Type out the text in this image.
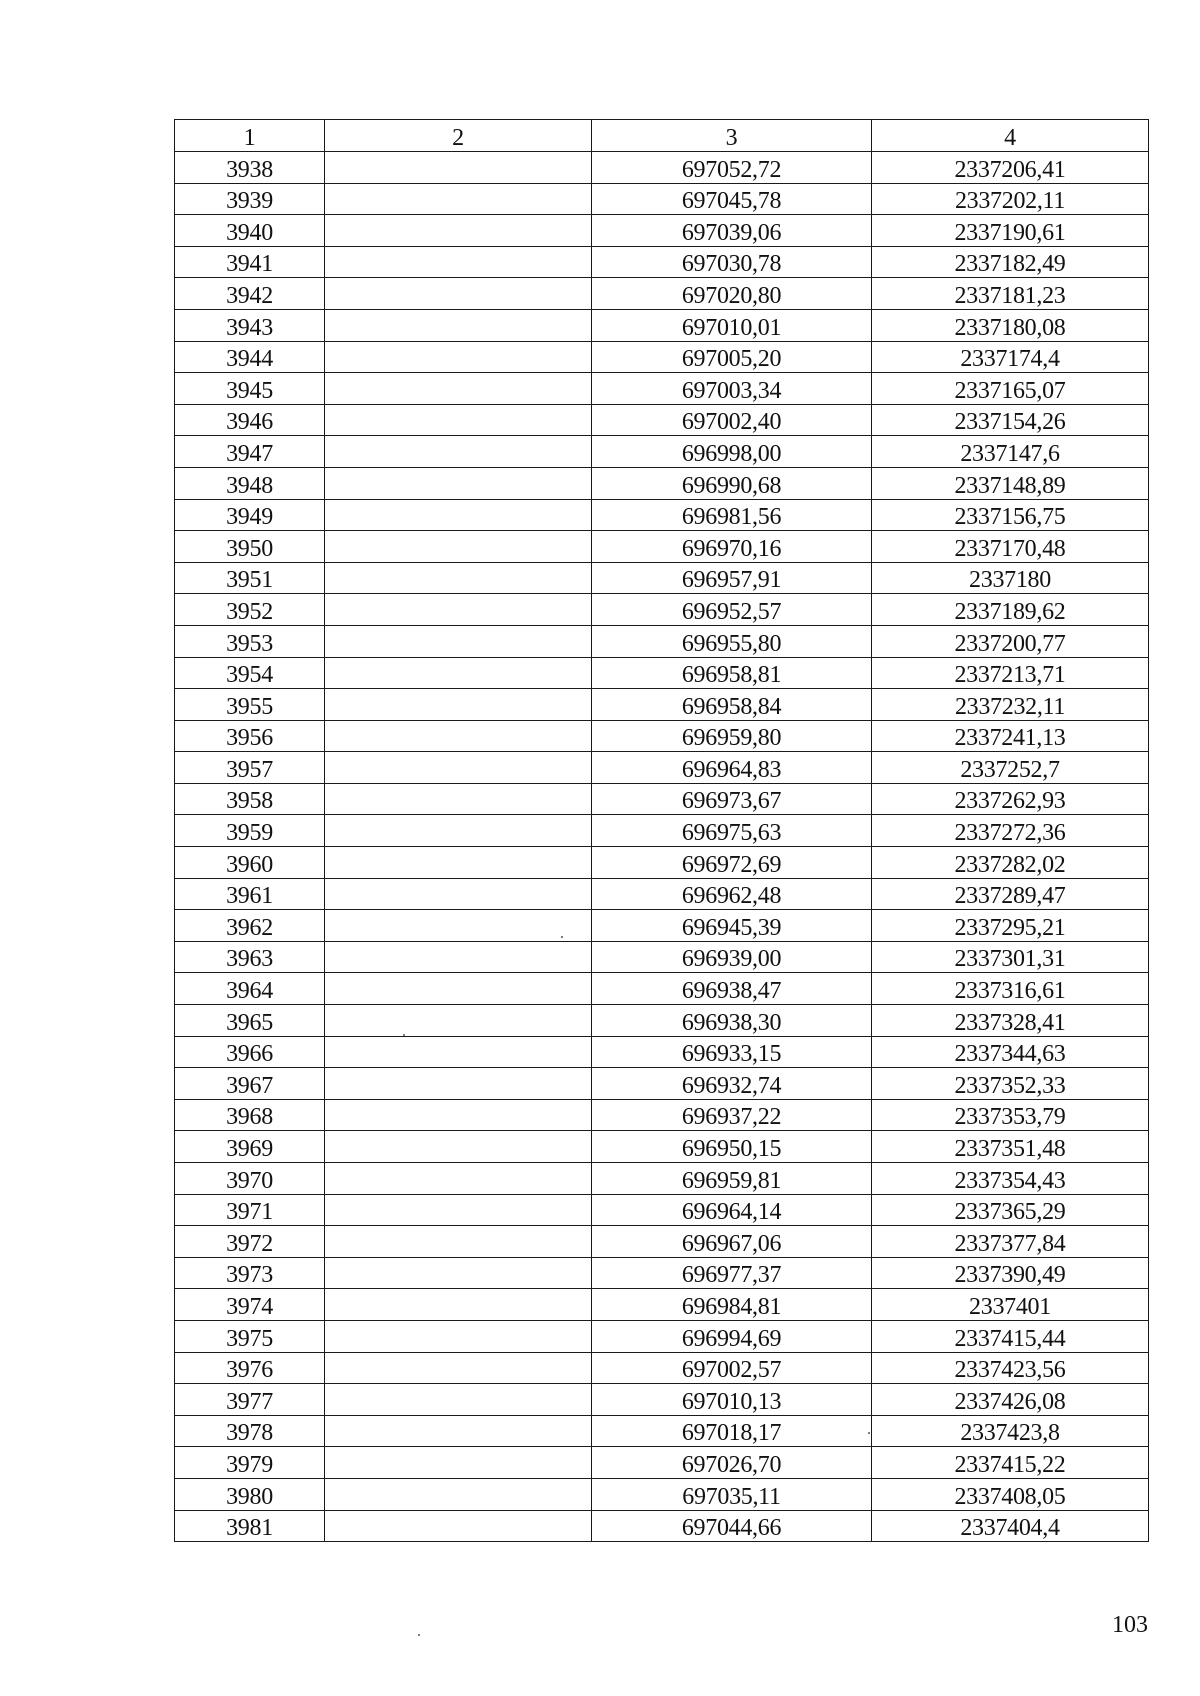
1	2	3	4
3938		697052,72	2337206,41
3939		697045,78	2337202,11
3940		697039,06	2337190,61
3941		697030,78	2337182,49
3942		697020,80	2337181,23
3943		697010,01	2337180,08
3944		697005,20	2337174,4
3945		697003,34	2337165,07
3946		697002,40	2337154,26
3947		696998,00	2337147,6
3948		696990,68	2337148,89
3949		696981,56	2337156,75
3950		696970,16	2337170,48
3951		696957,91	2337180
3952		696952,57	2337189,62
3953		696955,80	2337200,77
3954		696958,81	2337213,71
3955		696958,84	2337232,11
3956		696959,80	2337241,13
3957		696964,83	2337252,7
3958		696973,67	2337262,93
3959		696975,63	2337272,36
3960		696972,69	2337282,02
3961		696962,48	2337289,47
3962		696945,39	2337295,21
3963		696939,00	2337301,31
3964		696938,47	2337316,61
3965		696938,30	2337328,41
3966		696933,15	2337344,63
3967		696932,74	2337352,33
3968		696937,22	2337353,79
3969		696950,15	2337351,48
3970		696959,81	2337354,43
3971		696964,14	2337365,29
3972		696967,06	2337377,84
3973		696977,37	2337390,49
3974		696984,81	2337401
3975		696994,69	2337415,44
3976		697002,57	2337423,56
3977		697010,13	2337426,08
3978		697018,17	2337423,8
3979		697026,70	2337415,22
3980		697035,11	2337408,05
3981		697044,66	2337404,4
103
